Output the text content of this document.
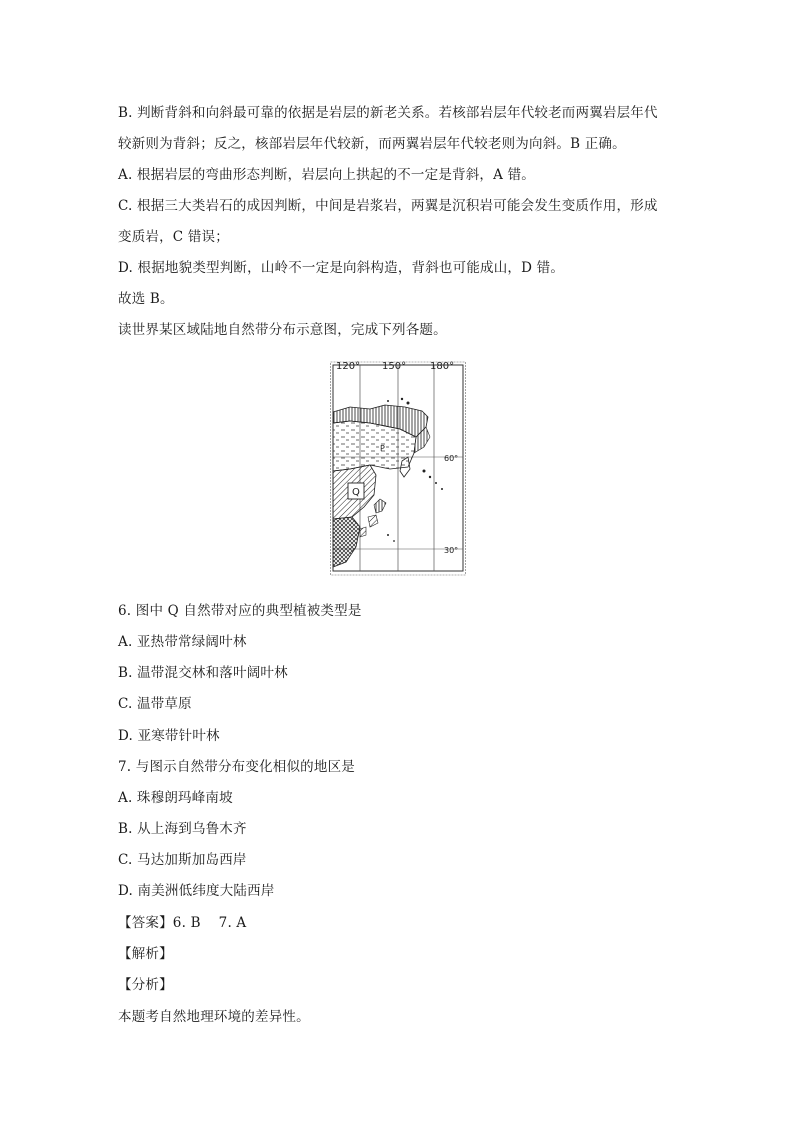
B. 判断背斜和向斜最可靠的依据是岩层的新老关系。若核部岩层年代较老而两翼岩层年代
较新则为背斜；反之，核部岩层年代较新，而两翼岩层年代较老则为向斜。B 正确。
A. 根据岩层的弯曲形态判断，岩层向上拱起的不一定是背斜，A 错。
C. 根据三大类岩石的成因判断，中间是岩浆岩，两翼是沉积岩可能会发生变质作用，形成
变质岩，C 错误；
D. 根据地貌类型判断，山岭不一定是向斜构造，背斜也可能成山，D 错。
故选 B。
读世界某区域陆地自然带分布示意图，完成下列各题。
120° 150° 180°
60°
30°
P
Q
6. 图中 Q 自然带对应的典型植被类型是
A. 亚热带常绿阔叶林
B. 温带混交林和落叶阔叶林
C. 温带草原
D. 亚寒带针叶林
7. 与图示自然带分布变化相似的地区是
A. 珠穆朗玛峰南坡
B. 从上海到乌鲁木齐
C. 马达加斯加岛西岸
D. 南美洲低纬度大陆西岸
【答案】6. B    7. A
【解析】
【分析】
本题考自然地理环境的差异性。
